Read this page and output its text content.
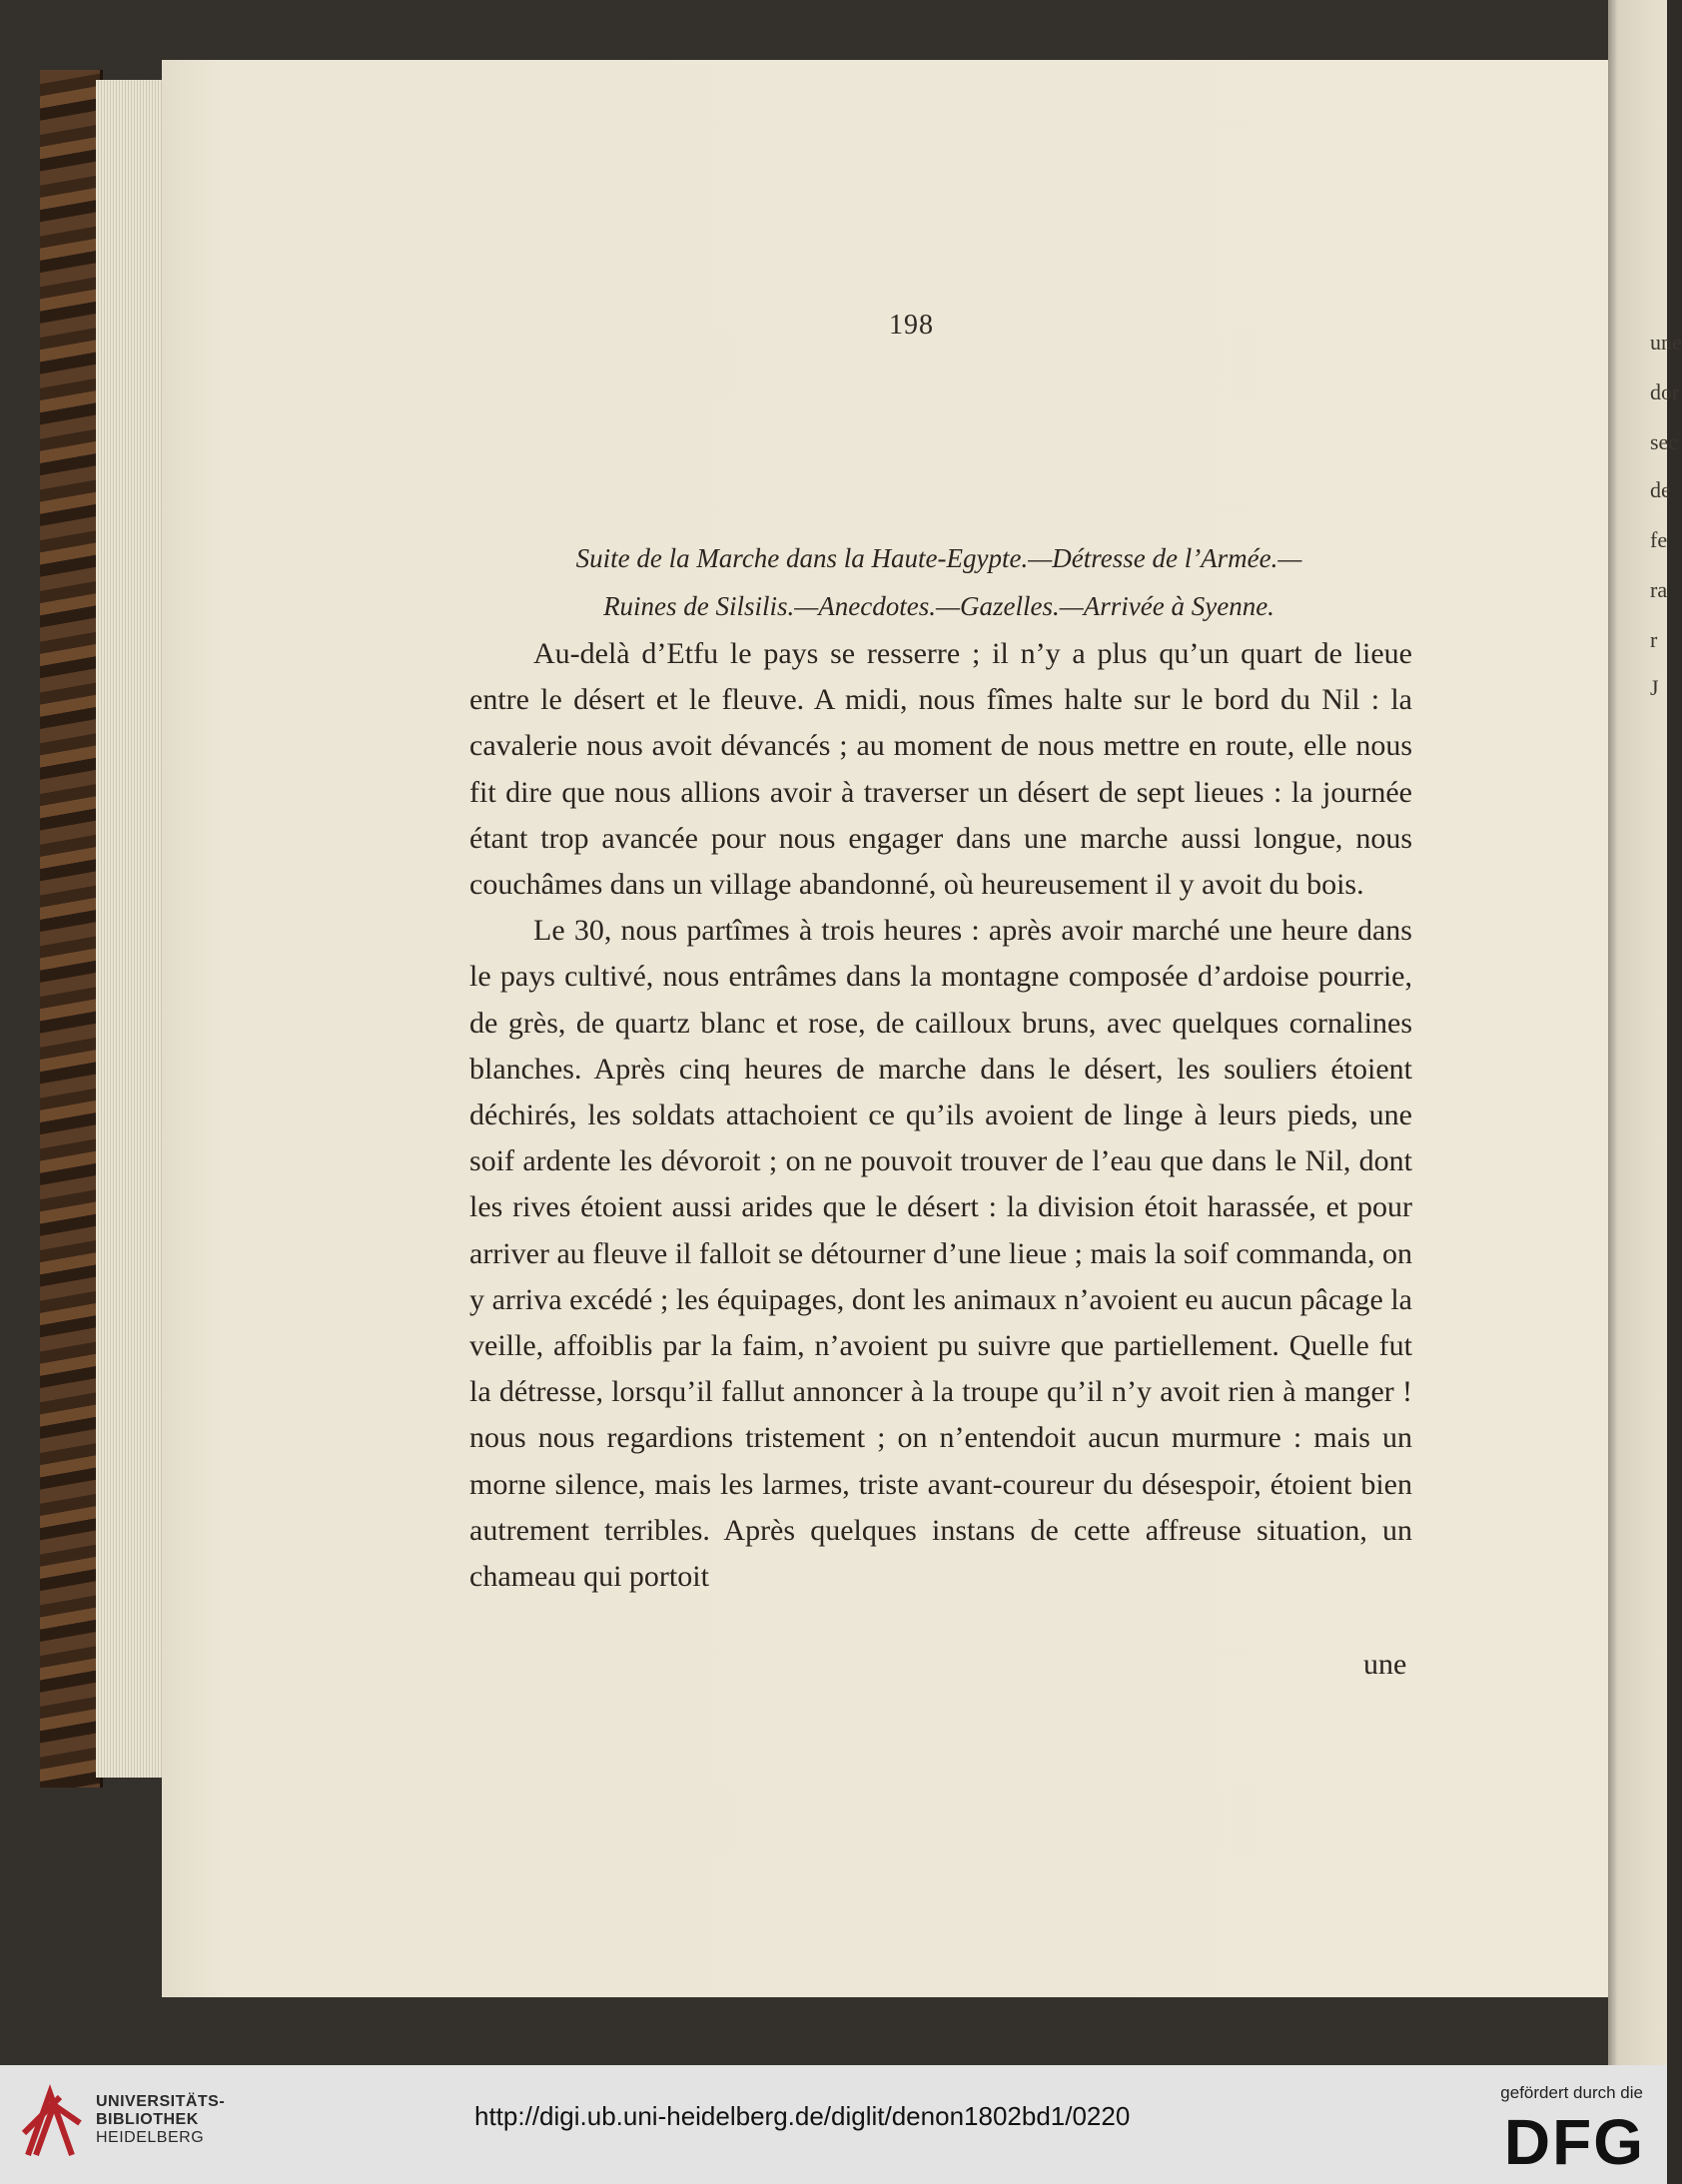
une
dor
sec
de
fe
ra
r
J
198
Suite de la Marche dans la Haute-Egypte.—Détresse de l’Armée.—
Ruines de Silsilis.—Anecdotes.—Gazelles.—Arrivée à Syenne.

Au-delà d’Etfu le pays se resserre ; il n’y a plus qu’un quart de lieue entre le désert et le fleuve. A midi, nous fîmes halte sur le bord du Nil : la cavalerie nous avoit dévancés ; au moment de nous mettre en route, elle nous fit dire que nous allions avoir à traverser un désert de sept lieues : la journée étant trop avancée pour nous engager dans une marche aussi longue, nous couchâmes dans un village abandonné, où heureusement il y avoit du bois.

Le 30, nous partîmes à trois heures : après avoir marché une heure dans le pays cultivé, nous entrâmes dans la montagne composée d’ardoise pourrie, de grès, de quartz blanc et rose, de cailloux bruns, avec quelques cornalines blanches. Après cinq heures de marche dans le désert, les souliers étoient déchirés, les soldats attachoient ce qu’ils avoient de linge à leurs pieds, une soif ardente les dévoroit ; on ne pouvoit trouver de l’eau que dans le Nil, dont les rives étoient aussi arides que le désert : la division étoit harassée, et pour arriver au fleuve il falloit se détourner d’une lieue ; mais la soif commanda, on y arriva excédé ; les équipages, dont les animaux n’avoient eu aucun pâcage la veille, affoiblis par la faim, n’avoient pu suivre que partiellement. Quelle fut la détresse, lorsqu’il fallut annoncer à la troupe qu’il n’y avoit rien à manger ! nous nous regardions tristement ; on n’entendoit aucun murmure : mais un morne silence, mais les larmes, triste avant-coureur du désespoir, étoient bien autrement terribles. Après quelques instans de cette affreuse situation, un chameau qui portoit

une
UNIVERSITÄTS-
BIBLIOTHEK
HEIDELBERG
http://digi.ub.uni-heidelberg.de/diglit/denon1802bd1/0220
gefördert durch die
DFG
